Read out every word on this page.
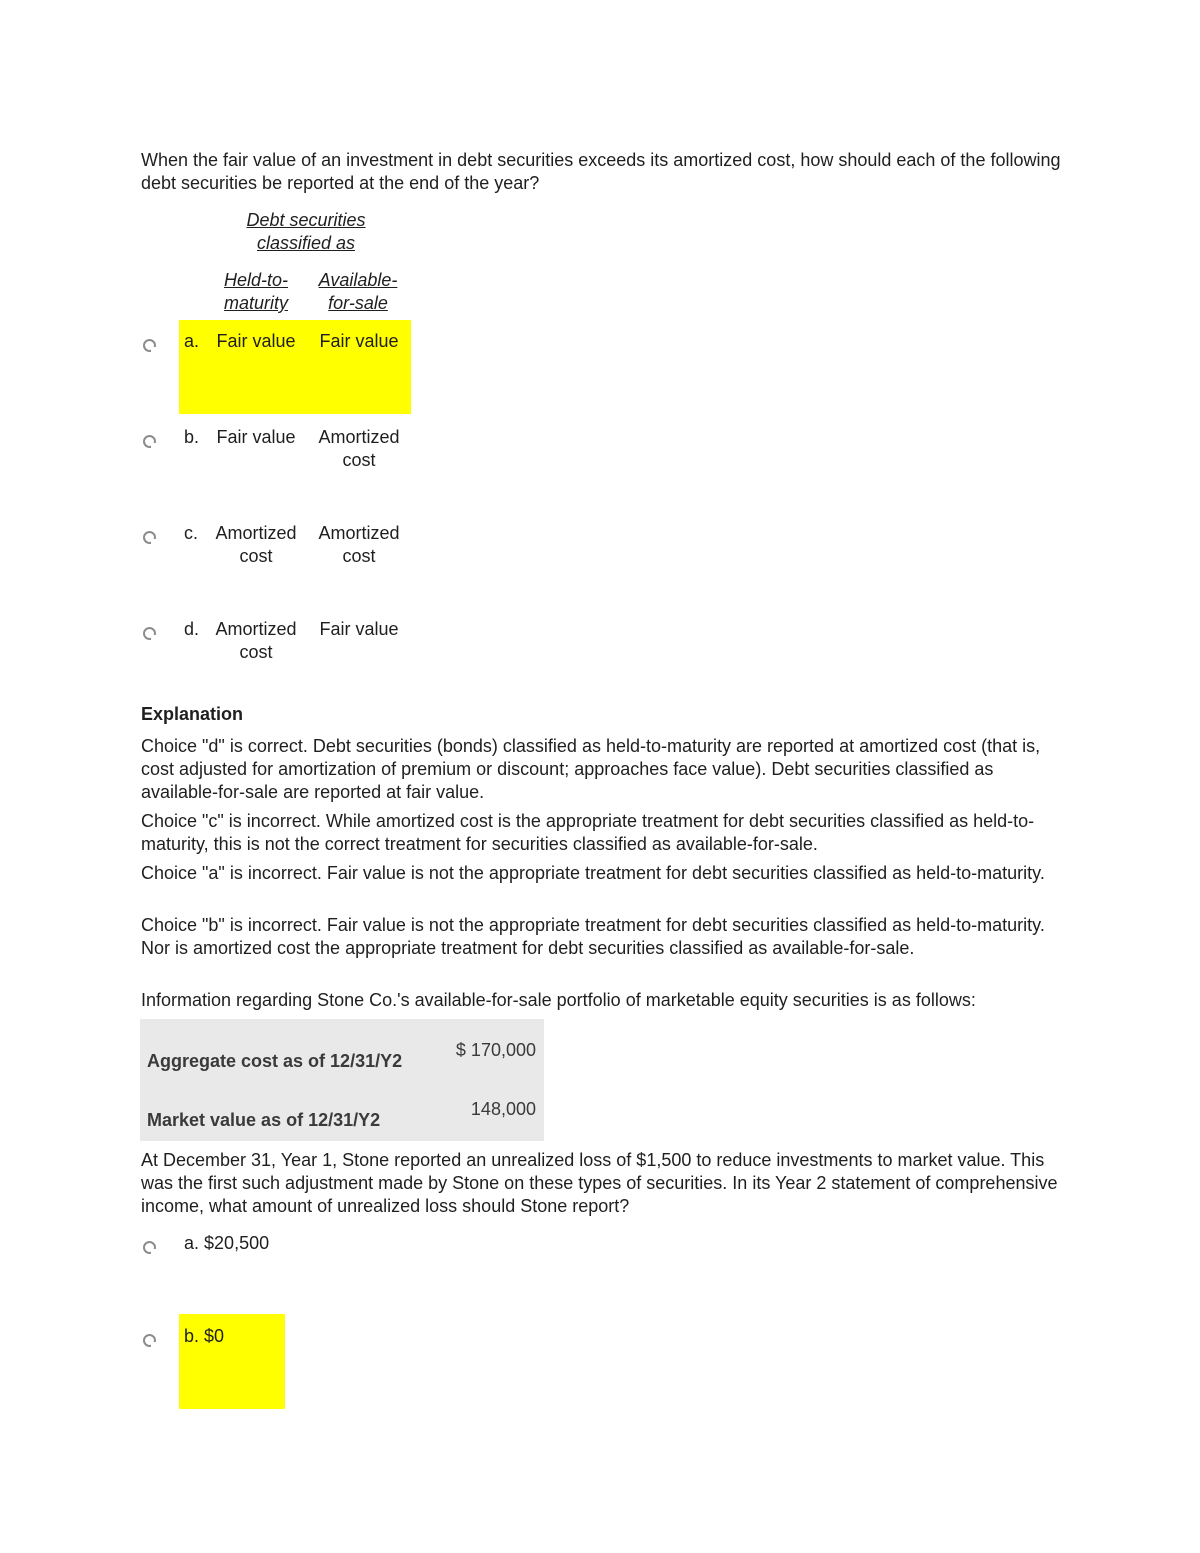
When the fair value of an investment in debt securities exceeds its amortized cost, how should each of the following debt securities be reported at the end of the year?
Debt securities
classified as
Held-to-
maturity
Available-
for-sale
a. Fair value	Fair value
b. Fair value	Amortized
cost
c. Amortized
cost
Amortized
cost
d. Amortized
cost
Fair value
Explanation
Choice "d" is correct. Debt securities (bonds) classified as held-to-maturity are reported at amortized cost (that is, cost adjusted for amortization of premium or discount; approaches face value). Debt securities classified as available-for-sale are reported at fair value.
Choice "c" is incorrect. While amortized cost is the appropriate treatment for debt securities classified as held-to-maturity, this is not the correct treatment for securities classified as available-for-sale.
Choice "a" is incorrect. Fair value is not the appropriate treatment for debt securities classified as held-to-maturity.
Choice "b" is incorrect. Fair value is not the appropriate treatment for debt securities classified as held-to-maturity. Nor is amortized cost the appropriate treatment for debt securities classified as available-for-sale.
Information regarding Stone Co.'s available-for-sale portfolio of marketable equity securities is as follows:
Aggregate cost as of 12/31/Y2
$ 170,000
Market value as of 12/31/Y2
148,000
At December 31, Year 1, Stone reported an unrealized loss of $1,500 to reduce investments to market value. This was the first such adjustment made by Stone on these types of securities. In its Year 2 statement of comprehensive income, what amount of unrealized loss should Stone report?
a. $20,500
b. $0
